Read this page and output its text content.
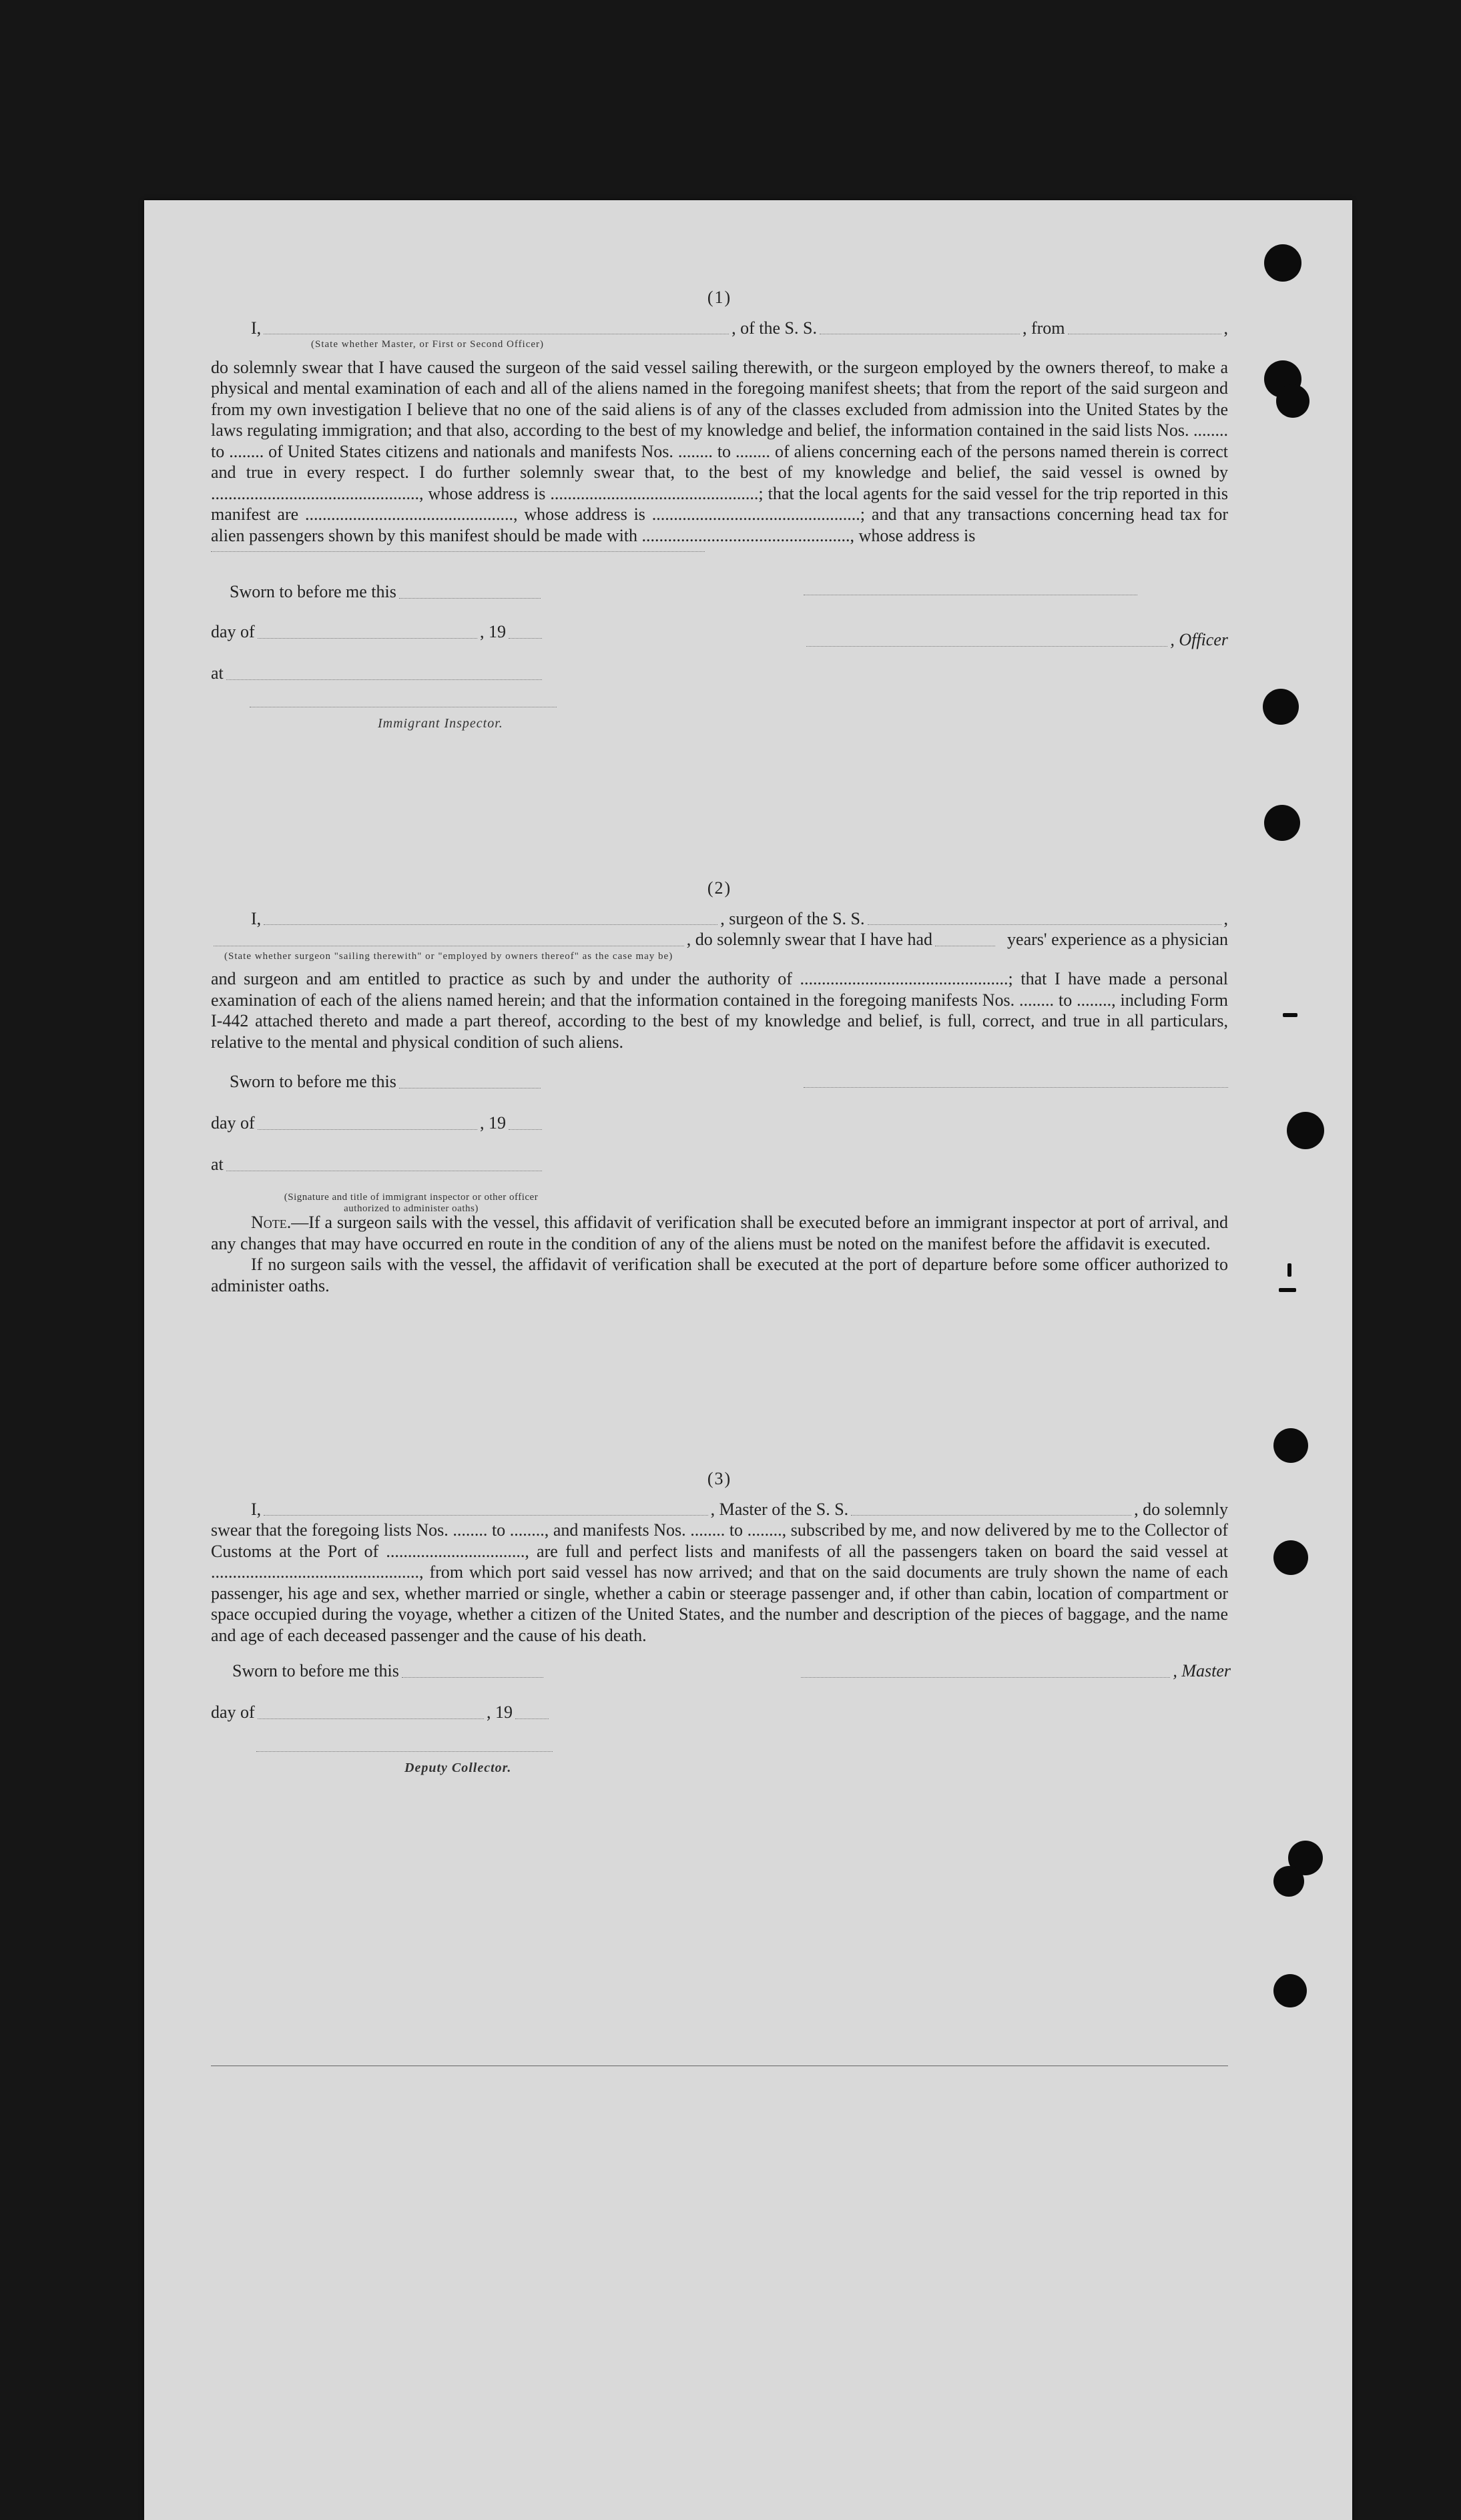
(1)
I,	, of the S. S.	, from	,
(State whether Master, or First or Second Officer)

do solemnly swear that I have caused the surgeon of the said vessel sailing therewith, or the surgeon employed by the owners thereof, to make a physical and mental examination of each and all of the aliens named in the foregoing manifest sheets; that from the report of the said surgeon and from my own investigation I believe that no one of the said aliens is of any of the classes excluded from admission into the United States by the laws regulating immigration; and that also, according to the best of my knowledge and belief, the information contained in the said lists Nos. ........ to ........ of United States citizens and nationals and manifests Nos. ........ to ........ of aliens concerning each of the persons named therein is correct and true in every respect. I do further solemnly swear that, to the best of my knowledge and belief, the said vessel is owned by ................................................, whose address is ................................................; that the local agents for the said vessel for the trip reported in this manifest are ................................................, whose address is ................................................; and that any transactions concerning head tax for alien passengers shown by this manifest should be made with ................................................, whose address is

Sworn to before me this
day of	, 19
at
, Officer
Immigrant Inspector.
(2)
I,	, surgeon of the S. S.	,
, do solemnly swear that I have had	years' experience as a physician
(State whether surgeon "sailing therewith" or "employed by owners thereof" as the case may be)

and surgeon and am entitled to practice as such by and under the authority of ................................................; that I have made a personal examination of each of the aliens named herein; and that the information contained in the foregoing manifests Nos. ........ to ........, including Form I-442 attached thereto and made a part thereof, according to the best of my knowledge and belief, is full, correct, and true in all particulars, relative to the mental and physical condition of such aliens.

Sworn to before me this
day of	, 19
at
(Signature and title of immigrant inspector or other officer authorized to administer oaths)

Note.—If a surgeon sails with the vessel, this affidavit of verification shall be executed before an immigrant inspector at port of arrival, and any changes that may have occurred en route in the condition of any of the aliens must be noted on the manifest before the affidavit is executed.

If no surgeon sails with the vessel, the affidavit of verification shall be executed at the port of departure before some officer authorized to administer oaths.

(3)
I,	, Master of the S. S.	, do solemnly

swear that the foregoing lists Nos. ........ to ........, and manifests Nos. ........ to ........, subscribed by me, and now delivered by me to the Collector of Customs at the Port of ................................, are full and perfect lists and manifests of all the passengers taken on board the said vessel at ................................................, from which port said vessel has now arrived; and that on the said documents are truly shown the name of each passenger, his age and sex, whether married or single, whether a cabin or steerage passenger and, if other than cabin, location of compartment or space occupied during the voyage, whether a citizen of the United States, and the number and description of the pieces of baggage, and the name and age of each deceased passenger and the cause of his death.

Sworn to before me this	, Master
day of	, 19
Deputy Collector.
